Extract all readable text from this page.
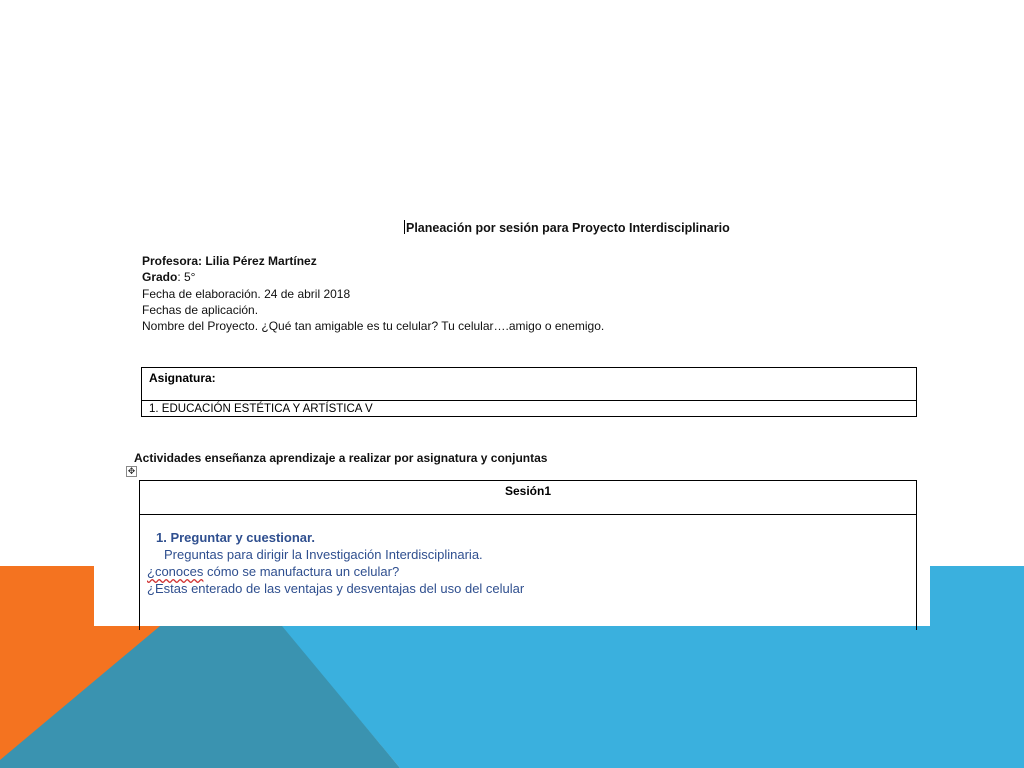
Planeación por sesión para Proyecto Interdisciplinario
Profesora: Lilia Pérez Martínez
Grado: 5°
Fecha de elaboración. 24 de abril 2018
Fechas de aplicación.
Nombre del Proyecto. ¿Qué tan amigable es tu celular? Tu celular….amigo o enemigo.
Asignatura:
1. EDUCACIÓN ESTÉTICA Y ARTÍSTICA V
Actividades enseñanza aprendizaje a realizar por asignatura y conjuntas
✥
Sesión1
1. Preguntar y cuestionar.
Preguntas para dirigir la Investigación Interdisciplinaria.
¿conoces cómo se manufactura un celular?
¿Estas enterado de las ventajas y desventajas del uso del celular
